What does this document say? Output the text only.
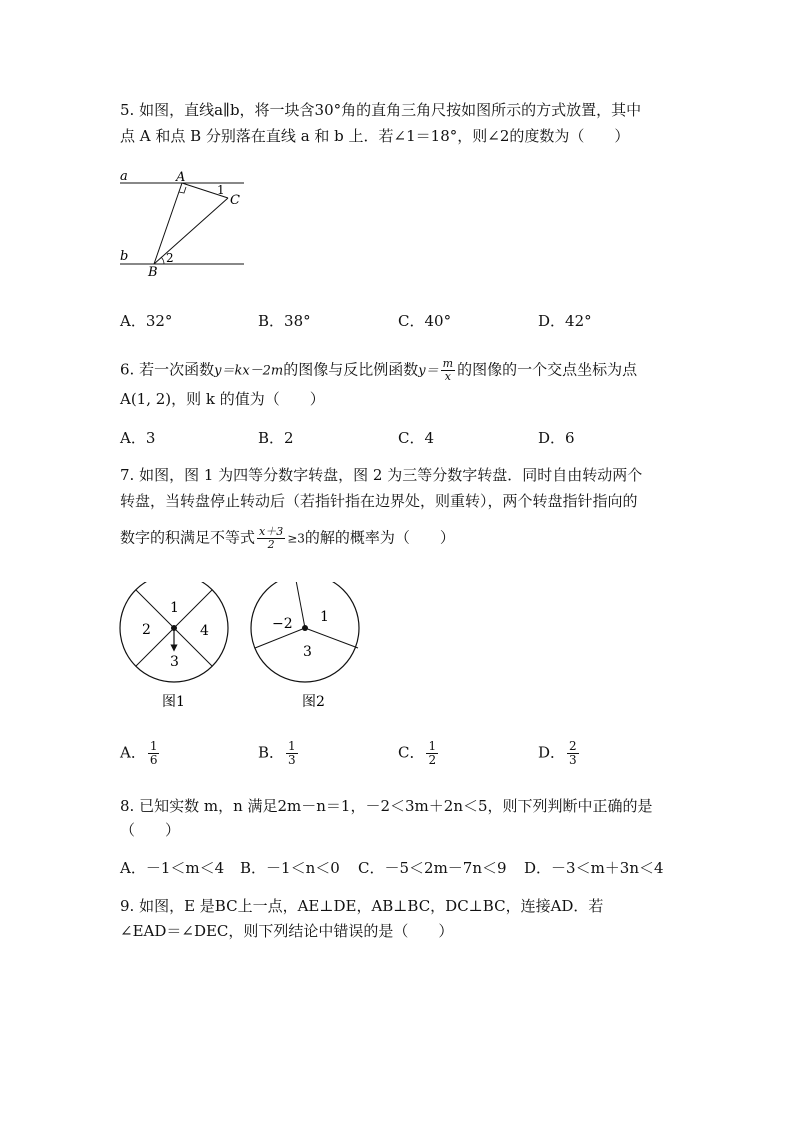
5. 如图，直线a∥b，将一块含30°角的直角三角尺按如图所示的方式放置，其中
点 A 和点 B 分别落在直线 a 和 b 上．若∠1＝18°，则∠2的度数为（　　）
a
b
A
B
C
1
2
A．32°	B．38°	C．40°	D．42°
6. 若一次函数y＝kx－2m的图像与反比例函数$y= \frac{m}{x}$ 的图像的一个交点坐标为点
A(1, 2)，则 k 的值为（　　）
A．3	B．2	C．4	D．6
7. 如图，图 1 为四等分数字转盘，图 2 为三等分数字转盘．同时自由转动两个
转盘，当转盘停止转动后（若指针指在边界处，则重转），两个转盘指针指向的
数字的积满足不等式 $\frac{x+3}{2} \ge 3$的解的概率为（　　）
1
2	4
3
图1
−2 1
3
图2
A． $\frac{1}{6}$	B． $\frac{1}{3}$	C． $\frac{1}{2}$	D． $\frac{2}{3}$
8. 已知实数 m，n 满足2m－n＝1，－2＜3m＋2n＜5，则下列判断中正确的是
（　　）
A．－1＜m＜4 B．－1＜n＜0 C．－5＜2m－7n＜9 D．－3＜m＋3n＜4
9. 如图，E 是BC上一点，AE⊥DE，AB⊥BC，DC⊥BC，连接AD．若
∠EAD＝∠DEC，则下列结论中错误的是（　　）
